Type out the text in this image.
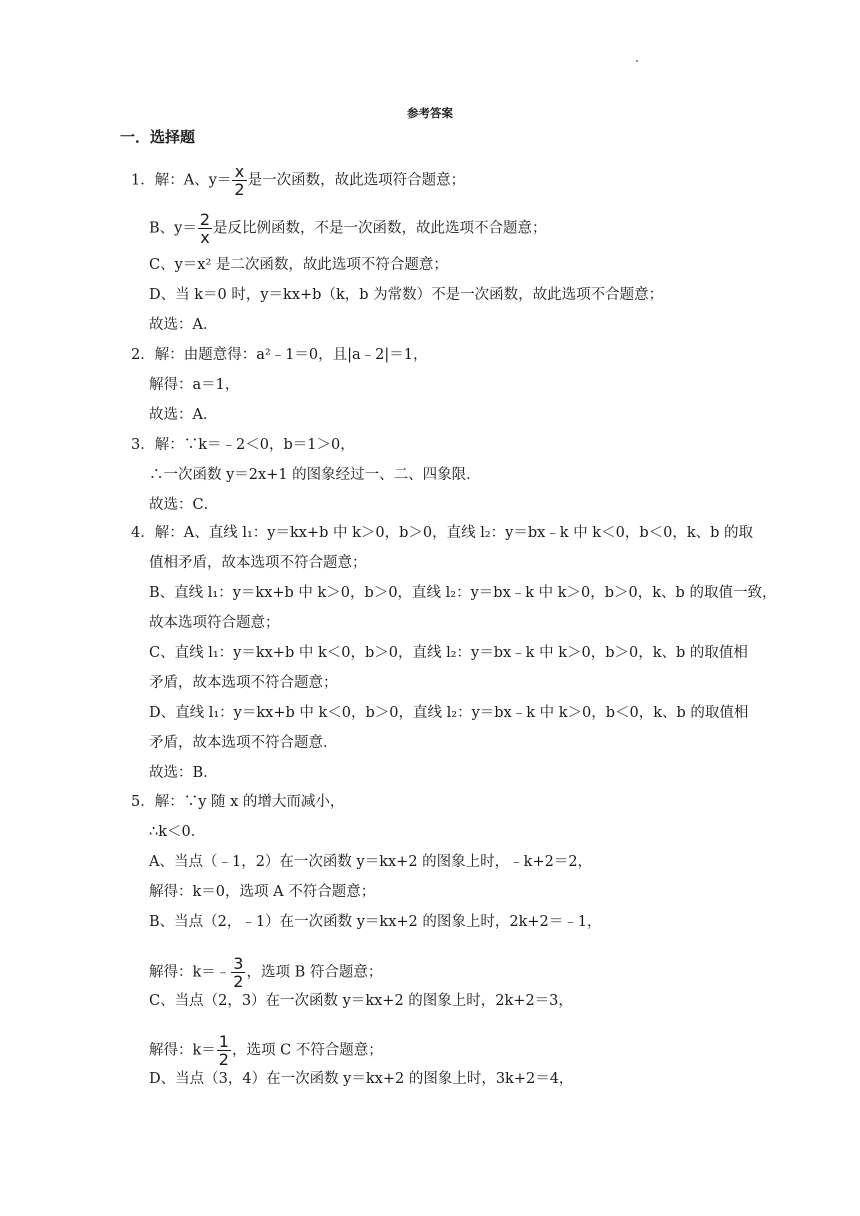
参考答案
一．选择题
1．解：A、$y= \frac{x}{2}$ 是一次函数，故此选项符合题意；
B、$y= \frac{2}{x}$ 是反比例函数，不是一次函数，故此选项不合题意；
C、y＝x² 是二次函数，故此选项不符合题意；
D、当 k＝0 时，y＝kx+b（k，b 为常数）不是一次函数，故此选项不合题意；
故选：A．
2．解：由题意得：a²﹣1＝0，且|a﹣2|＝1，
解得：a＝1，
故选：A．
3．解：∵k＝﹣2＜0，b＝1＞0，
∴一次函数 y＝2x+1 的图象经过一、二、四象限．
故选：C．
4．解：A、直线 l₁：y＝kx+b 中 k＞0，b＞0，直线 l₂：y＝bx﹣k 中 k＜0，b＜0，k、b 的取
值相矛盾，故本选项不符合题意；
B、直线 l₁：y＝kx+b 中 k＞0，b＞0，直线 l₂：y＝bx﹣k 中 k＞0，b＞0，k、b 的取值一致，
故本选项符合题意；
C、直线 l₁：y＝kx+b 中 k＜0，b＞0，直线 l₂：y＝bx﹣k 中 k＞0，b＞0，k、b 的取值相
矛盾，故本选项不符合题意；
D、直线 l₁：y＝kx+b 中 k＜0，b＞0，直线 l₂：y＝bx﹣k 中 k＞0，b＜0，k、b 的取值相
矛盾，故本选项不符合题意．
故选：B．
5．解：∵y 随 x 的增大而减小，
∴k＜0．
A、当点（﹣1，2）在一次函数 y＝kx+2 的图象上时，﹣k+2＝2，
解得：k＝0，选项 A 不符合题意；
B、当点（2，﹣1）在一次函数 y＝kx+2 的图象上时，2k+2＝﹣1，
解得：k＝﹣ $\frac{3}{2}$ ，选项 B 符合题意；
C、当点（2，3）在一次函数 y＝kx+2 的图象上时，2k+2＝3，
解得：$k= \frac{1}{2}$ ，选项 C 不符合题意；
D、当点（3，4）在一次函数 y＝kx+2 的图象上时，3k+2＝4，
